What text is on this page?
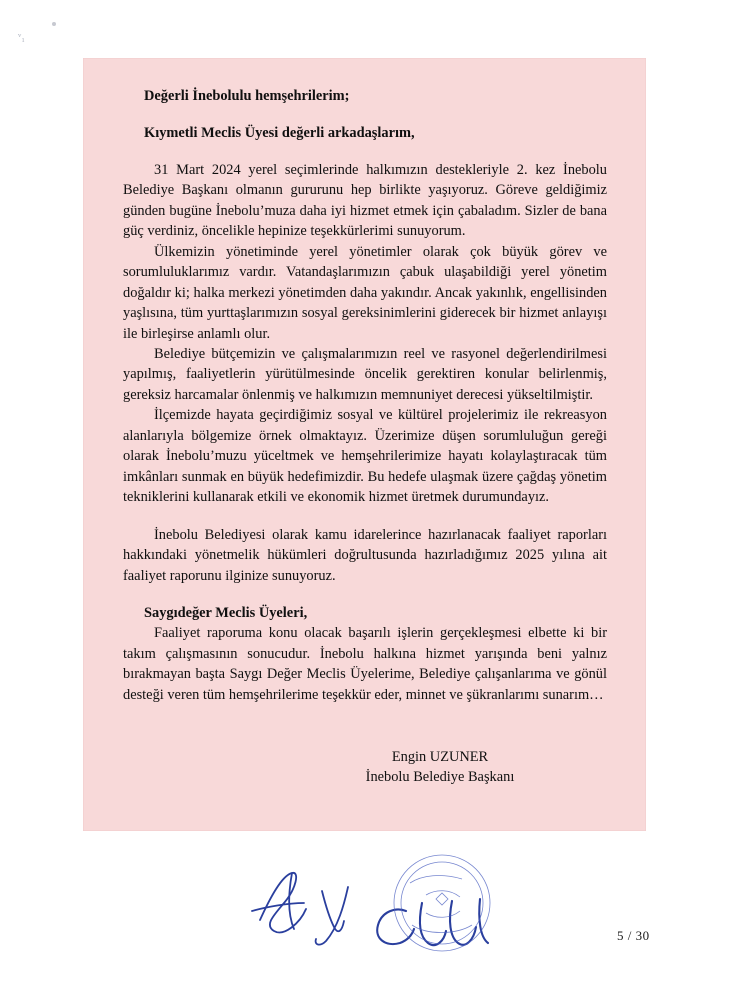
ᵛ₁

Değerli İnebolulu hemşehrilerim;

Kıymetli Meclis Üyesi değerli arkadaşlarım,

31 Mart 2024 yerel seçimlerinde halkımızın destekleriyle 2. kez İnebolu Belediye Başkanı olmanın gururunu hep birlikte yaşıyoruz. Göreve geldiğimiz günden bugüne İnebolu’muza daha iyi hizmet etmek için çabaladım. Sizler de bana güç verdiniz, öncelikle hepinize teşekkürlerimi sunuyorum.

Ülkemizin yönetiminde yerel yönetimler olarak çok büyük görev ve sorumluluklarımız vardır. Vatandaşlarımızın çabuk ulaşabildiği yerel yönetim doğaldır ki; halka merkezi yönetimden daha yakındır. Ancak yakınlık, engellisinden yaşlısına, tüm yurttaşlarımızın sosyal gereksinimlerini giderecek bir hizmet anlayışı ile birleşirse anlamlı olur.

Belediye bütçemizin ve çalışmalarımızın reel ve rasyonel değerlendirilmesi yapılmış, faaliyetlerin yürütülmesinde öncelik gerektiren konular belirlenmiş, gereksiz harcamalar önlenmiş ve halkımızın memnuniyet derecesi yükseltilmiştir.

İlçemizde hayata geçirdiğimiz sosyal ve kültürel projelerimiz ile rekreasyon alanlarıyla bölgemize örnek olmaktayız. Üzerimize düşen sorumluluğun gereği olarak İnebolu’muzu yüceltmek ve hemşehrilerimize hayatı kolaylaştıracak tüm imkânları sunmak en büyük hedefimizdir. Bu hedefe ulaşmak üzere çağdaş yönetim tekniklerini kullanarak etkili ve ekonomik hizmet üretmek durumundayız.

İnebolu Belediyesi olarak kamu idarelerince hazırlanacak faaliyet raporları hakkındaki yönetmelik hükümleri doğrultusunda hazırladığımız 2025 yılına ait faaliyet raporunu ilginize sunuyoruz.

Saygıdeğer Meclis Üyeleri,

Faaliyet raporuma konu olacak başarılı işlerin gerçekleşmesi elbette ki bir takım çalışmasının sonucudur. İnebolu halkına hizmet yarışında beni yalnız bırakmayan başta Saygı Değer Meclis Üyelerime, Belediye çalışanlarıma ve gönül desteği veren tüm hemşehrilerime teşekkür eder, minnet ve şükranlarımı sunarım…

Engin UZUNER
İnebolu Belediye Başkanı
5 / 30
